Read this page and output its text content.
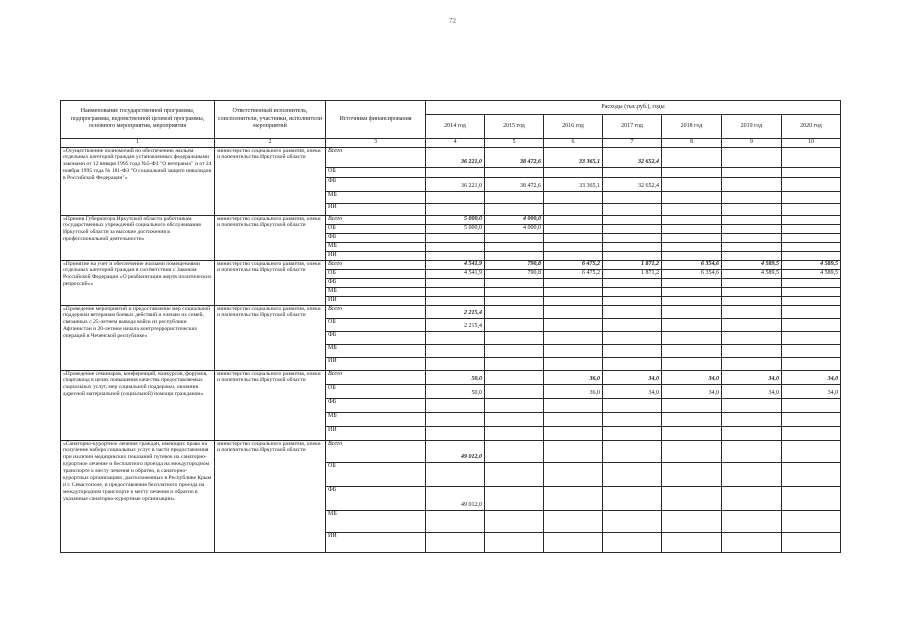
72
Наименование государственной программы, подпрограммы, ведомственной целевой программы, основного мероприятия, мероприятия	Ответственный исполнитель, соисполнители, участники, исполнители мероприятий	Источники финансирования	Расходы (тыс.руб.), годы						
			2014 год	2015 год	2016 год	2017 год	2018 год	2019 год	2020 год
1	2	3	4	5	6	7	8	9	10
«Осуществление полномочий по обеспечению жильем отдельных категорий граждан установленных федеральными законами от 12 января 1995 года №5-ФЗ "О ветеранах" и от 24 ноября 1995 года № 181-ФЗ "О социальной защите инвалидов в Российской Федерации"»	министерство социального развития, опеки и попечительства Иркутской области	Всего	36 221,0	38 472,6	33 365,1	32 652,4			
		ОБ							
		ФБ	36 221,0	38 472,6	33 365,1	32 652,4			
		МБ							
		ИИ							
«Премия Губернатора Иркутской области работникам государственных учреждений социального обслуживания Иркутской области за высокие достижения в профессиональной деятельности»	министерство социального развития, опеки и попечительства Иркутской области	Всего	5 000,0	4 000,0					
		ОБ	5 000,0	4 000,0					
		ФБ							
		МБ							
		ИИ							
«Принятие на учет и обеспечение жилыми помещениями отдельных категорий граждан в соответствии с Законом Российской Федерации «О реабилитации жертв политических репрессий»»	министерство социального развития, опеки и попечительства Иркутской области	Всего	4 541,9	790,8	6 475,2	1 871,2	6 354,6	4 589,5	4 589,5
		ОБ	4 541,9	790,8	6 475,2	1 871,2	6 354,6	4 589,5	4 589,5
		ФБ							
		МБ							
		ИИ							
«Проведение мероприятий и предоставление мер социальной поддержки ветеранам боевых действий и членам их семей, связанных с 25-летием вывода войск из республики Афганистан и 20-летием начала контртеррористических операций в Чеченской республике»	министерство социального развития, опеки и попечительства Иркутской области	Всего	2 215,4						
		ОБ	2 215,4						
		ФБ							
		МБ							
		ИИ							
«Проведение семинаров, конференций, конкурсов, форумов, спартакиад в целях повышения качества предоставляемых социальных услуг, мер социальной поддержки, оказания адресной материальной (социальной) помощи гражданам»	министерство социального развития, опеки и попечительства Иркутской области	Всего	50,0		36,0	34,0	34,0	34,0	34,0
		ОБ	50,0		36,0	34,0	34,0	34,0	34,0
		ФБ							
		МБ							
		ИИ							
«Санаторно-курортное лечение граждан, имеющих право на получение набора социальных услуг в части предоставления при наличии медицинских показаний путевок на санаторно-курортное лечение и бесплатного проезда на междугородном транспорте к месту лечения и обратно, в санаторно-курортных организациях, расположенных в Республике Крым и г. Севастополе, и предоставления бесплатного проезда на междугородном транспорте к месту лечения и обратно в указанные санаторно-курортные организации»	министерство социального развития, опеки и попечительства Иркутской области	Всего	49 012,0						
		ОБ							
		ФБ	49 012,0						
		МБ							
		ИИ							
